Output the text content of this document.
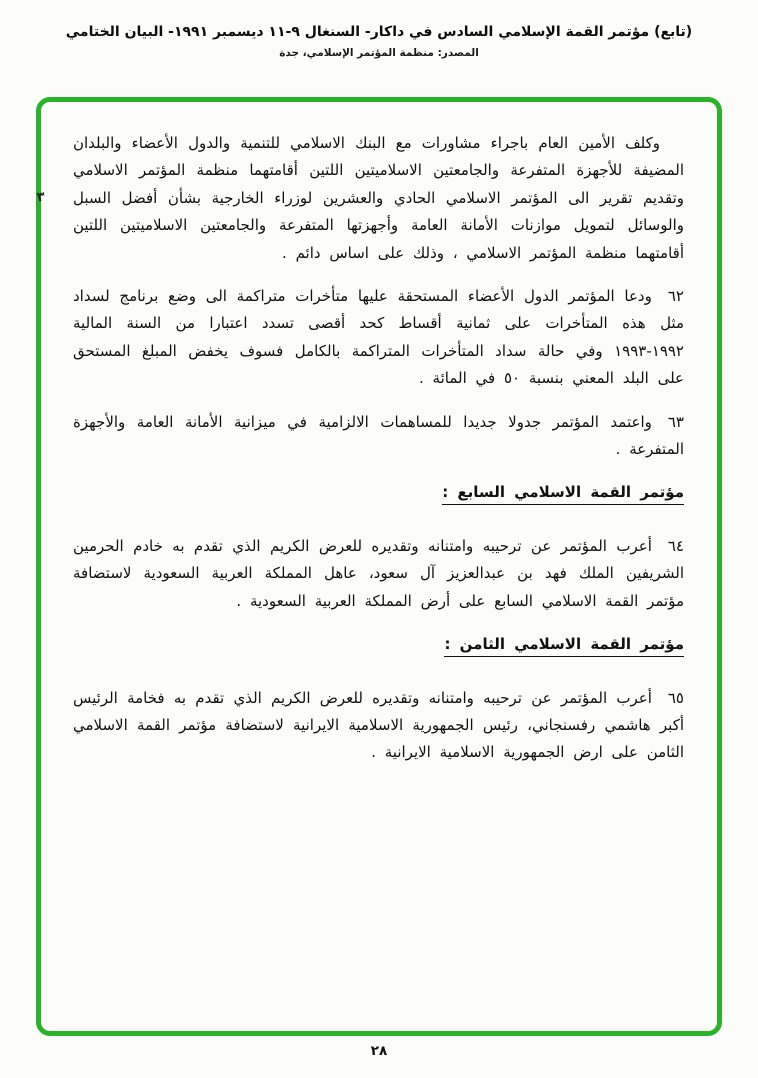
(تابع) مؤتمر القمة الإسلامي السادس في داكار- السنغال ٩-١١ ديسمبر ١٩٩١- البيان الختامي
المصدر: منظمة المؤتمر الإسلامي، جدة
٣

وكلف الأمين العام باجراء مشاورات مع البنك الاسلامي للتنمية والدول الأعضاء والبلدان المضيفة للأجهزة المتفرعة والجامعتين الاسلاميتين اللتين أقامتهما منظمة المؤتمر الاسلامي وتقديم تقرير الى المؤتمر الاسلامي الحادي والعشرين لوزراء الخارجية بشأن أفضل السبل والوسائل لتمويل موازنات الأمانة العامة وأجهزتها المتفرعة والجامعتين الاسلاميتين اللتين أقامتهما منظمة المؤتمر الاسلامي ، وذلك على اساس دائم .

٦٢ودعا المؤتمر الدول الأعضاء المستحقة عليها متأخرات متراكمة الى وضع برنامج لسداد مثل هذه المتأخرات على ثمانية أقساط كحد أقصى تسدد اعتبارا من السنة المالية ١٩٩٢-١٩٩٣ وفي حالة سداد المتأخرات المتراكمة بالكامل فسوف يخفض المبلغ المستحق على البلد المعني بنسبة ٥٠ في المائة .

٦٣واعتمد المؤتمر جدولا جديدا للمساهمات الالزامية في ميزانية الأمانة العامة والأجهزة المتفرعة .

مؤتمر القمة الاسلامي السابع :

٦٤أعرب المؤتمر عن ترحيبه وامتنانه وتقديره للعرض الكريم الذي تقدم به خادم الحرمين الشريفين الملك فهد بن عبدالعزيز آل سعود، عاهل المملكة العربية السعودية لاستضافة مؤتمر القمة الاسلامي السابع على أرض المملكة العربية السعودية .

مؤتمر القمة الاسلامي الثامن :

٦٥أعرب المؤتمر عن ترحيبه وامتنانه وتقديره للعرض الكريم الذي تقدم به فخامة الرئيس أكبر هاشمي رفسنجاني، رئيس الجمهورية الاسلامية الايرانية لاستضافة مؤتمر القمة الاسلامي الثامن على ارض الجمهورية الاسلامية الايرانية .

٢٨
